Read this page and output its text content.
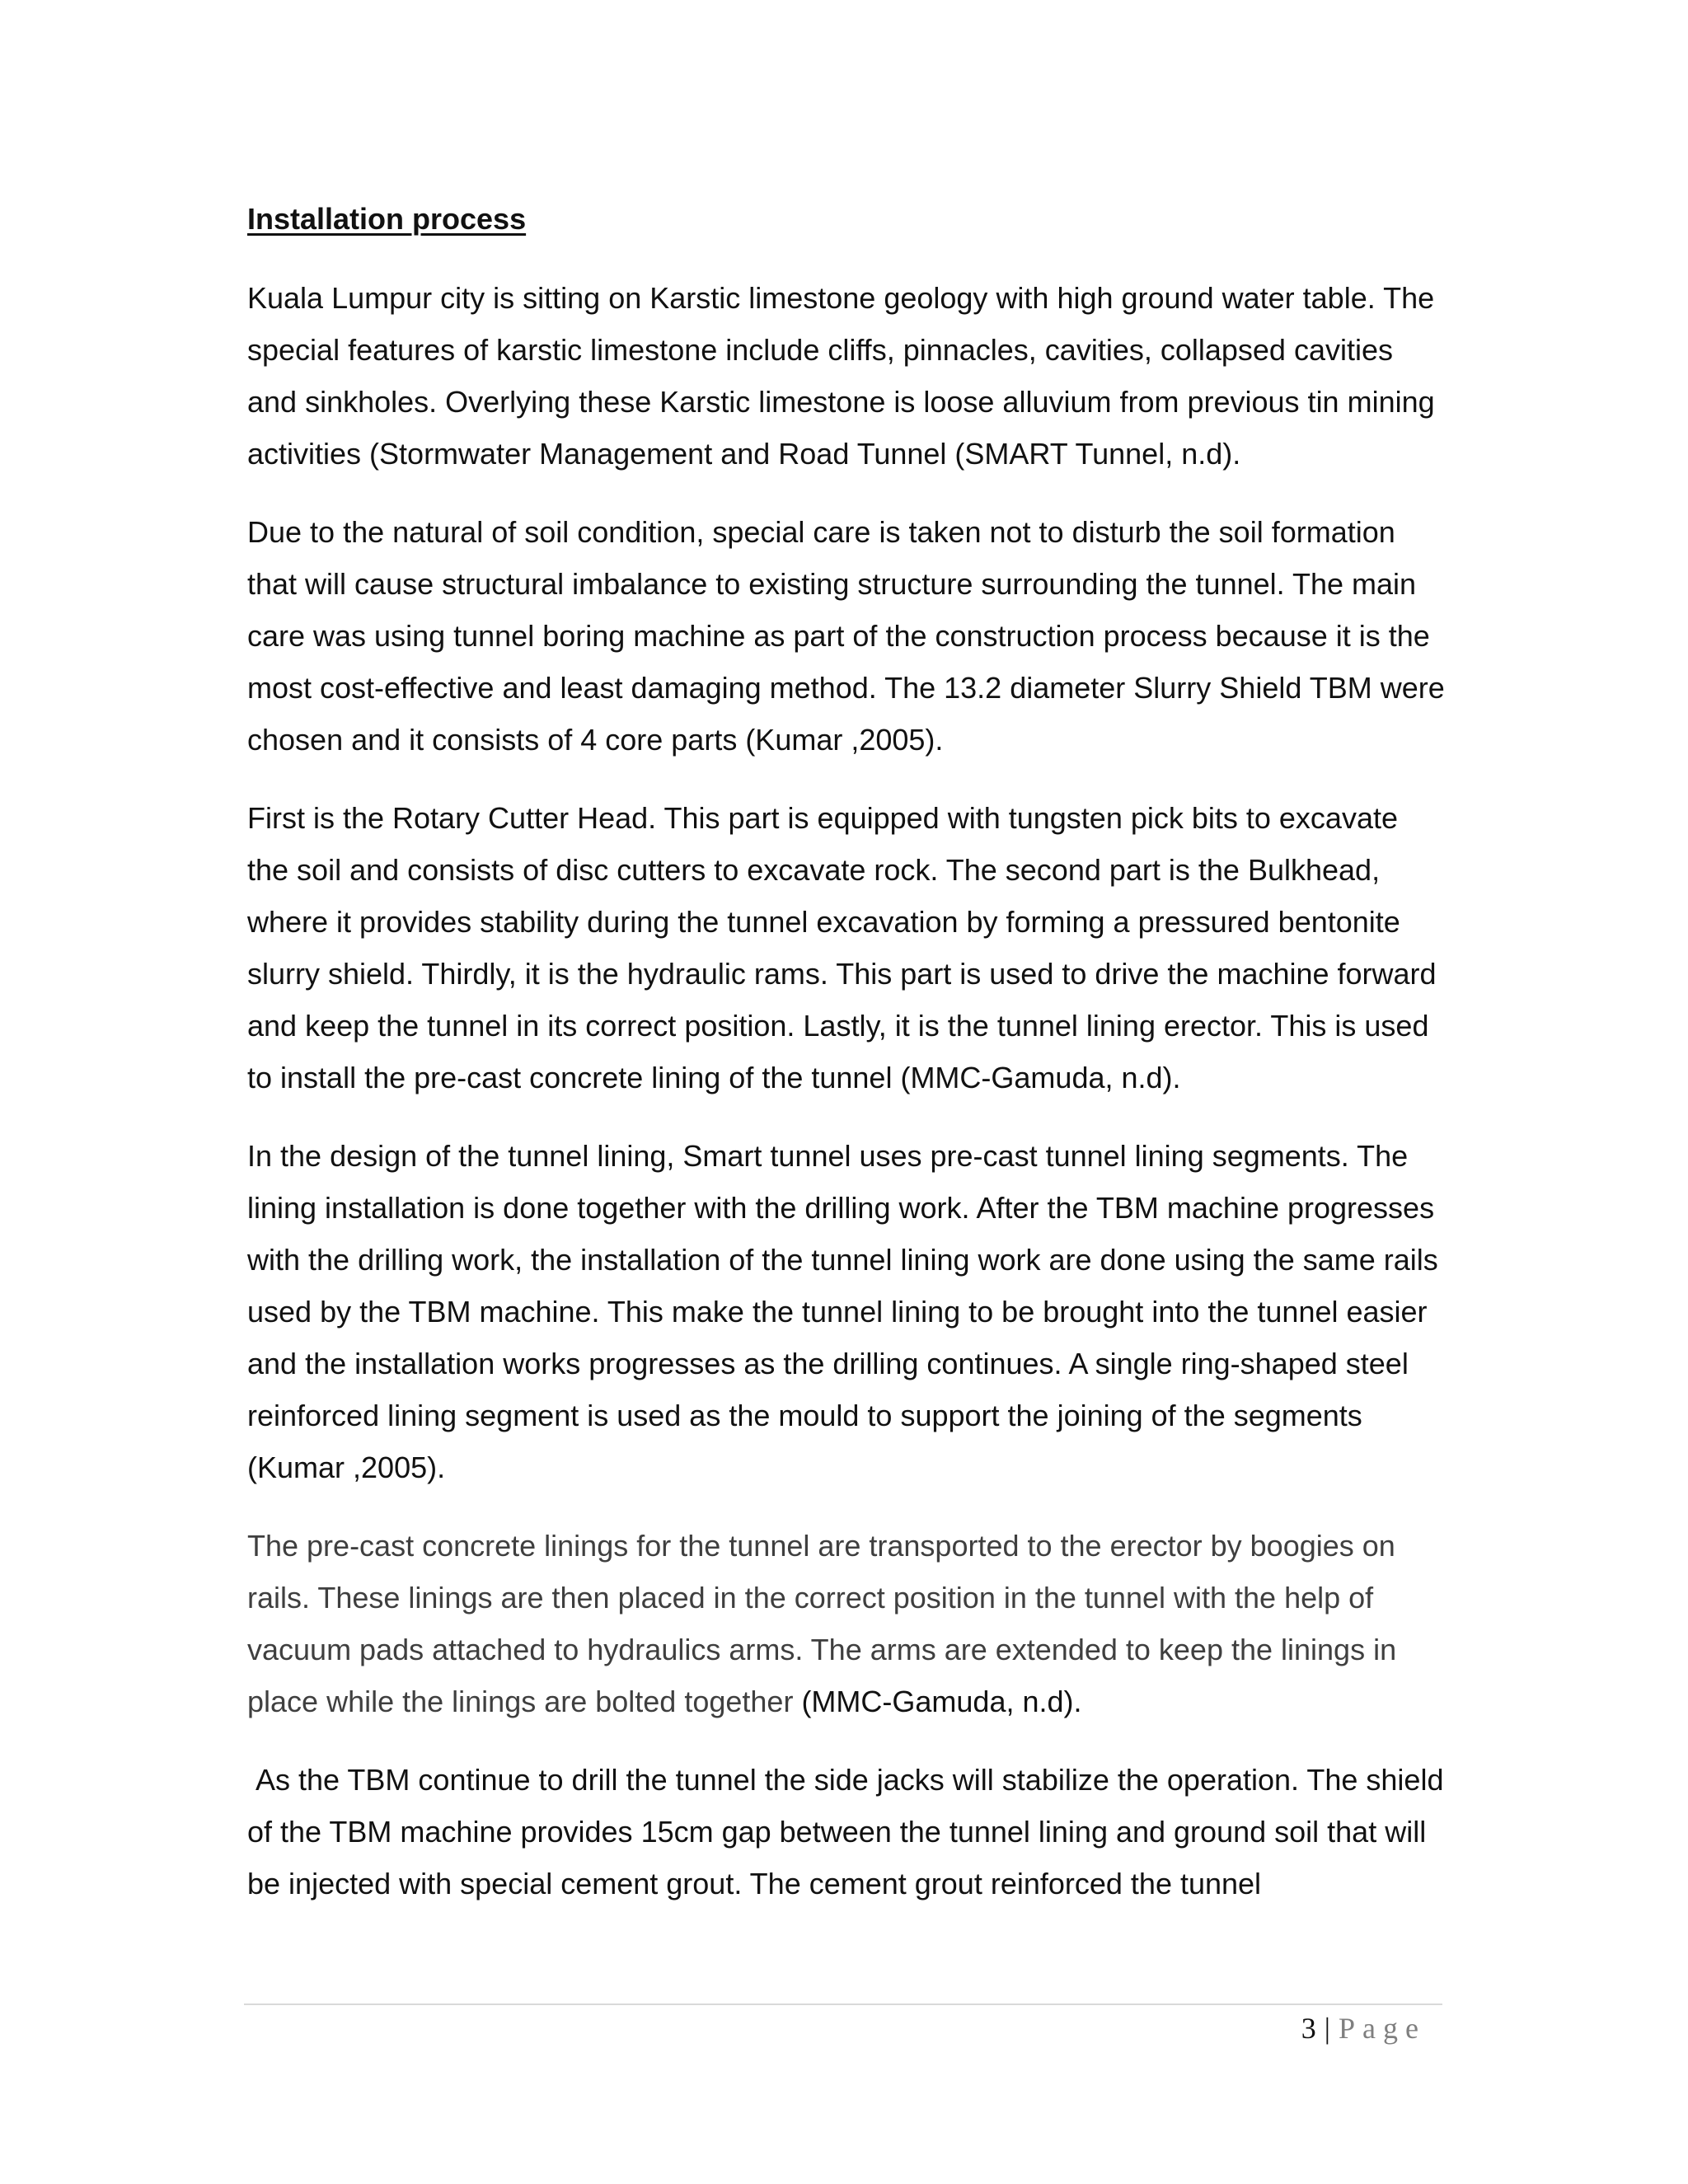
Installation process
Kuala Lumpur city is sitting on Karstic limestone geology with high ground water table. The special features of karstic limestone include cliffs, pinnacles, cavities, collapsed cavities and sinkholes. Overlying these Karstic limestone is loose alluvium from previous tin mining activities (Stormwater Management and Road Tunnel (SMART Tunnel, n.d).
Due to the natural of soil condition, special care is taken not to disturb the soil formation that will cause structural imbalance to existing structure surrounding the tunnel. The main care was using tunnel boring machine as part of the construction process because it is the most cost-effective and least damaging method. The 13.2 diameter Slurry Shield TBM were chosen and it consists of 4 core parts (Kumar ,2005).
First is the Rotary Cutter Head. This part is equipped with tungsten pick bits to excavate the soil and consists of disc cutters to excavate rock. The second part is the Bulkhead, where it provides stability during the tunnel excavation by forming a pressured bentonite slurry shield. Thirdly, it is the hydraulic rams. This part is used to drive the machine forward and keep the tunnel in its correct position. Lastly, it is the tunnel lining erector. This is used to install the pre-cast concrete lining of the tunnel (MMC-Gamuda, n.d).
In the design of the tunnel lining, Smart tunnel uses pre-cast tunnel lining segments. The lining installation is done together with the drilling work. After the TBM machine progresses with the drilling work, the installation of the tunnel lining work are done using the same rails used by the TBM machine. This make the tunnel lining to be brought into the tunnel easier and the installation works progresses as the drilling continues. A single ring-shaped steel reinforced lining segment is used as the mould to support the joining of the segments (Kumar ,2005).
The pre-cast concrete linings for the tunnel are transported to the erector by boogies on rails. These linings are then placed in the correct position in the tunnel with the help of vacuum pads attached to hydraulics arms. The arms are extended to keep the linings in place while the linings are bolted together (MMC-Gamuda, n.d).
As the TBM continue to drill the tunnel the side jacks will stabilize the operation. The shield of the TBM machine provides 15cm gap between the tunnel lining and ground soil that will be injected with special cement grout. The cement grout reinforced the tunnel
3 | Page
